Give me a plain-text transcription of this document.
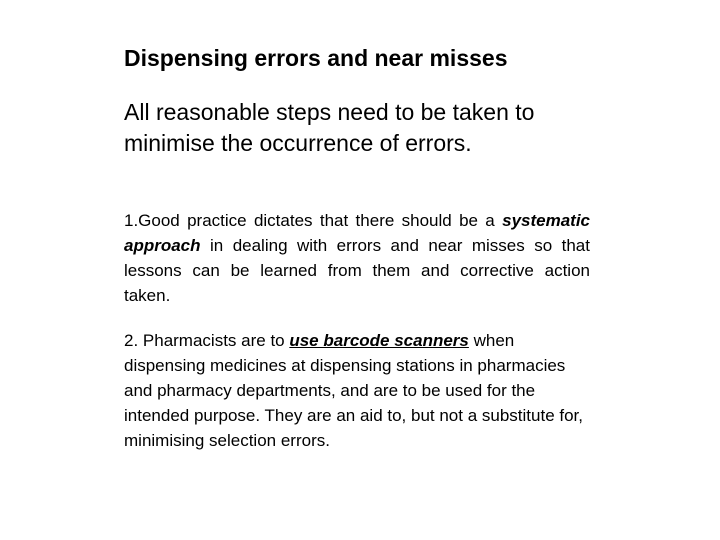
Dispensing errors and near misses
All reasonable steps need to be taken to minimise the occurrence of errors.
1.Good practice dictates that there should be a systematic approach in dealing with errors and near misses so that lessons can be learned from them and corrective action taken.
2. Pharmacists are to use barcode scanners when dispensing medicines at dispensing stations in pharmacies and pharmacy departments, and are to be used for the intended purpose. They are an aid to, but not a substitute for, minimising selection errors.
